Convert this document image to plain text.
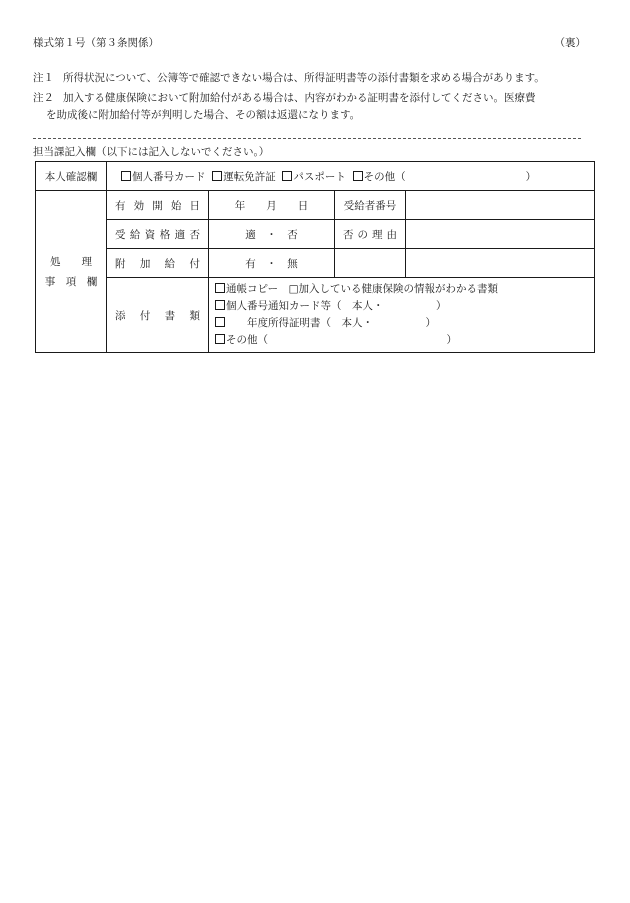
様式第１号（第３条関係）	（裏）
注１ 所得状況について、公簿等で確認できない場合は、所得証明書等の添付書類を求める場合があります。
注２ 加入する健康保険において附加給付がある場合は、内容がわかる証明書を添付してください。医療費
を助成後に附加給付等が判明した場合、その額は返還になります。
担当課記入欄（以下には記入しないでください。）
本人確認欄	個人番号カード 運転免許証 パスポート その他（ ）			

処　　理
事　項　欄	有効開始日	年　　月　　日	受給者番号	
	受給資格適否	適　・　否	否の理由	
	附加給付	有　・　無		
	添付書類	通帳コピー　□加入している健康保険の情報がわかる書類
個人番号通知カード等（　本人・　　　　　）
　　年度所得証明書（　本人・　　　　　）
その他（　　　　　　　　　　　　　　　　　）		
